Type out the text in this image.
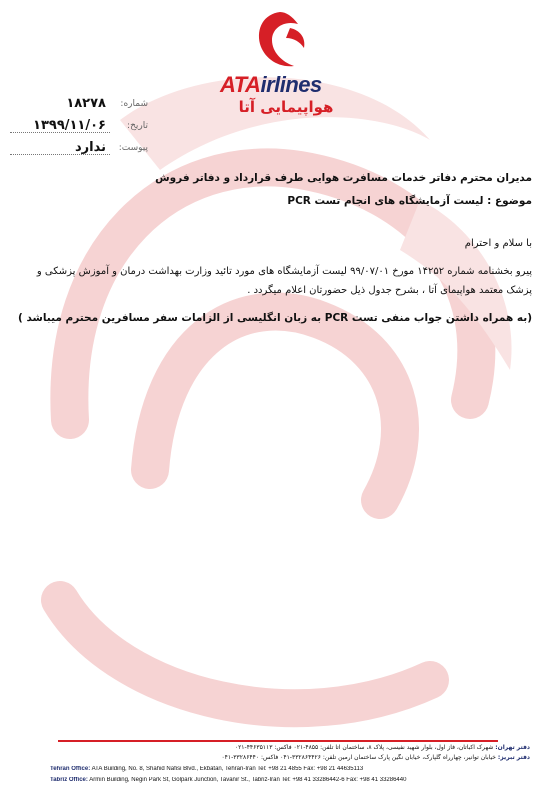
ATAirlines
هواپیمایی آتا
شماره:
۱۸۲۷۸
تاریخ:
۱۳۹۹/۱۱/۰۶
پیوست:
ندارد
مدیران محترم دفاتر خدمات مسافرت هوایی طرف قرارداد و دفاتر فروش
موضوع : لیست آزمایشگاه های انجام تست PCR
با سلام و احترام
پیرو بخشنامه شماره ۱۴۲۵۲ مورخ ۹۹/۰۷/۰۱ لیست آزمایشگاه های مورد تائید وزارت بهداشت درمان و آموزش پزشکی و
پزشک معتمد هواپیمای آتا ، بشرح جدول ذیل حضورتان اعلام میگردد .
(به همراه داشتن جواب منفی تست PCR به زبان انگلیسی از الزامات سفر مسافرین محترم میباشد )
دفتر تهران: شهرک اکباتان، فاز اول، بلوار شهید نفیسی، پلاک ۸، ساختمان آتا تلفن: ۴۸۵۵-۰۲۱ فاکس: ۴۴۶۳۵۱۱۳-۰۲۱
دفتر تبریز: خیابان توانیر، چهارراه گلپارک، خیابان نگین پارک ساختمان آرمین تلفن: ۳۳۲۸۶۴۴۲۶-۰۴۱ فاکس: ۳۳۲۸۶۴۴۰-۰۴۱
Tehran Office: ATA Building, No. 8, Shahid Nafisi Blvd., Ekbatan, Tehran-Iran Tel: +98 21 4855 Fax: +98 21 44635113
Tabriz Office: Armin Building, Negin Park St, Golpark Junction, Tavanir St., Tabriz-Iran Tel: +98 41 33286442-6 Fax: +98 41 33286440
